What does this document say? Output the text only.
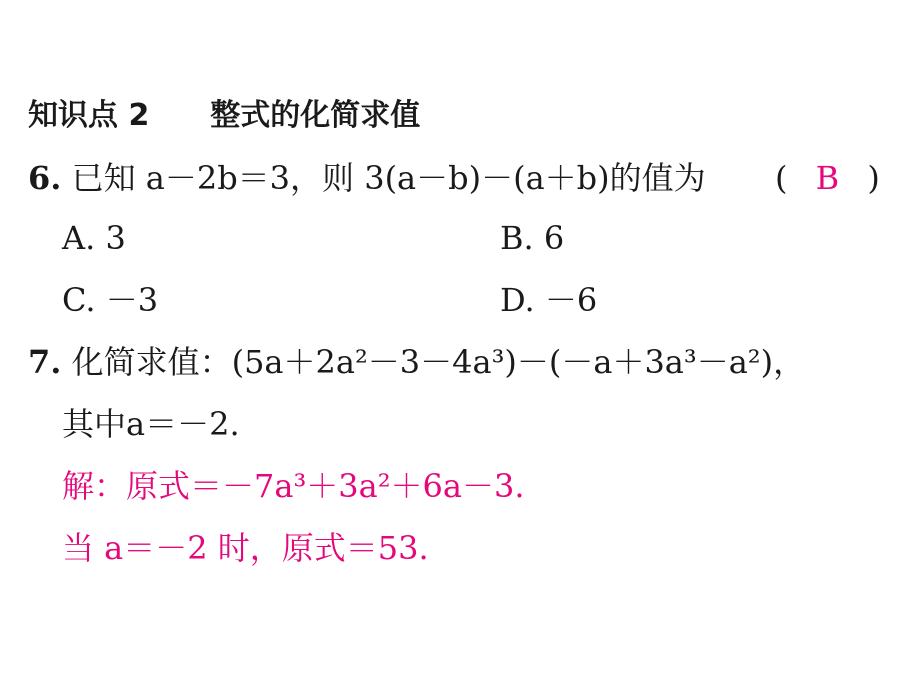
知识点 2 整式的化简求值
6. 已知 a－2b＝3，则 3(a－b)－(a＋b)的值为 ( B )
A. 3	B. 6
C. －3	D. －6
7. 化简求值：(5a＋2a²－3－4a³)－(－a＋3a³－a²)，
其中a＝－2.
解：原式＝－7a³＋3a²＋6a－3.
当 a＝－2 时，原式＝53.
